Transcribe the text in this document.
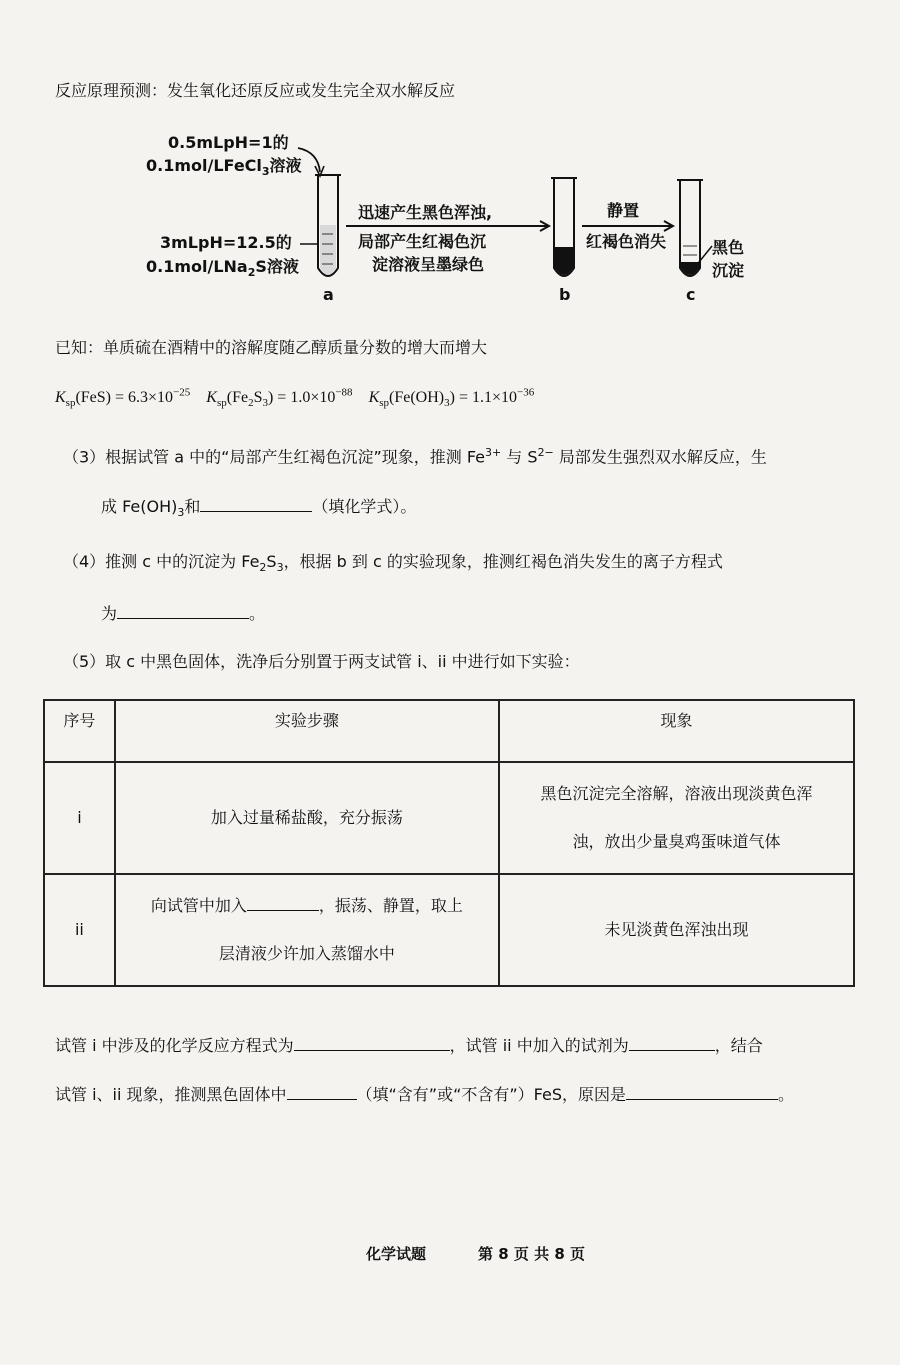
反应原理预测：发生氧化还原反应或发生完全双水解反应
0.5mLpH=1的
0.1mol/LFeCl$_3$溶液
3mLpH=12.5的
0.1mol/LNa$_2$S溶液
迅速产生黑色浑浊,
局部产生红褐色沉
淀溶液呈墨绿色
静置
红褐色消失	黑色
沉淀
a	b	c
已知：单质硫在酒精中的溶解度随乙醇质量分数的增大而增大
$K_{sp}(FeS) = 6.3\times 10^{-25}$ $K_{sp}(Fe_2S_3) = 1.0\times 10^{-88}$ $K_{sp}(Fe(OH)_3) = 1.1\times 10^{-36}$
（3）根据试管 a 中的“局部产生红褐色沉淀”现象，推测 $Fe^{3+}$ 与 $S^{2-}$ 局部发生强烈双水解反应，生
成 $Fe(OH)_3$和	（填化学式）。
（4）推测 c 中的沉淀为 $Fe_2S_3$，根据 b 到 c 的实验现象，推测红褐色消失发生的离子方程式
为	。
（5）取 c 中黑色固体，洗净后分别置于两支试管 i、ii 中进行如下实验：
序号	实验步骤	现象
i	加入过量稀盐酸，充分振荡	黑色沉淀完全溶解，溶液出现淡黄色浑
浊，放出少量臭鸡蛋味道气体

ii	向试管中加入 ，振荡、静置，取上
层清液少许加入蒸馏水中	未见淡黄色浑浊出现
试管 i 中涉及的化学反应方程式为	，试管 ii 中加入的试剂为	，结合
试管 i、ii 现象，推测黑色固体中	（填“含有”或“不含有”）FeS，原因是	。
化学试题	第 8 页 共 8 页
